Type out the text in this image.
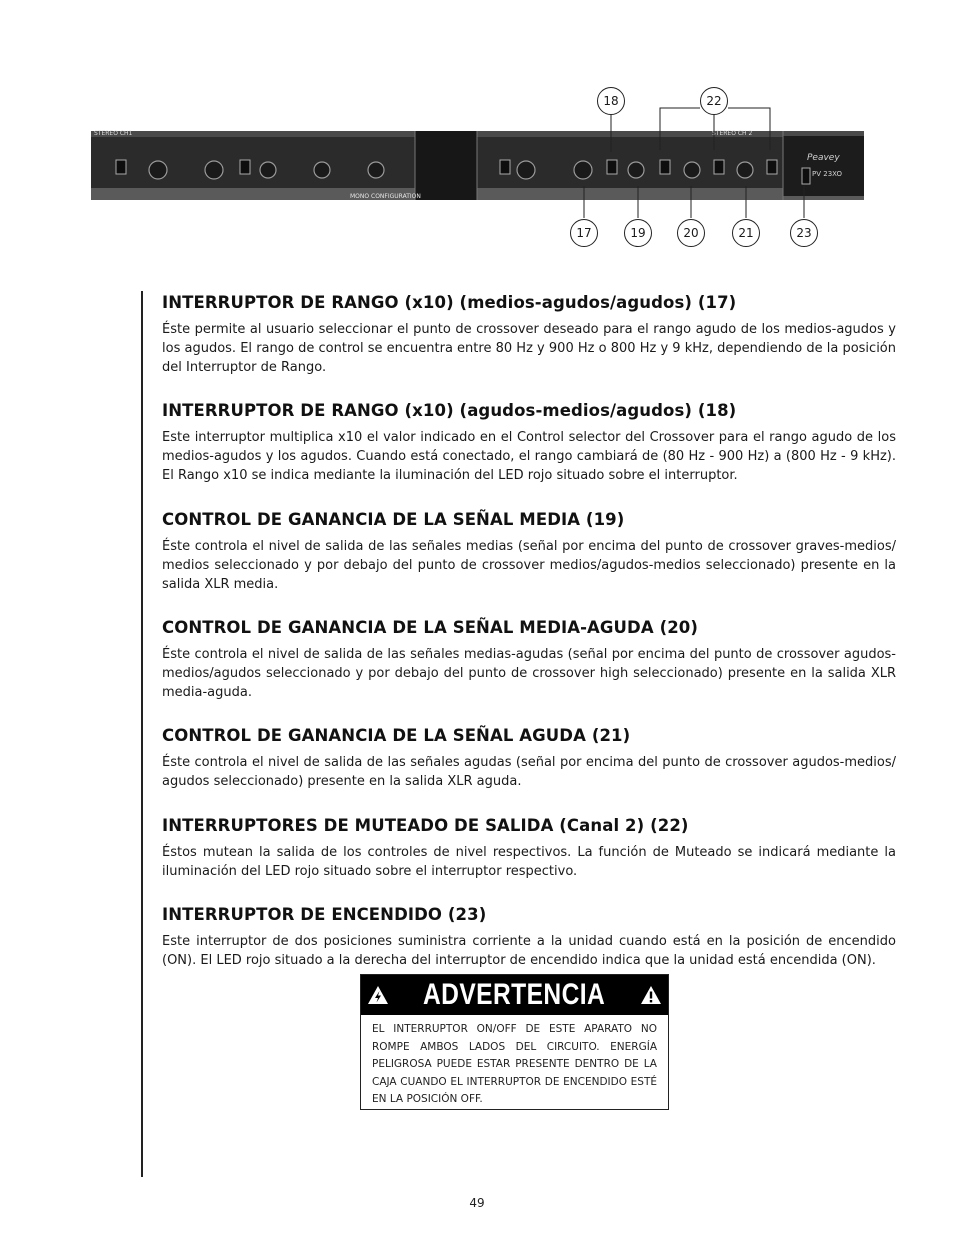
STEREO CH1	STEREO CH 2
MONO CONFIGURATION
Peavey
PV 23XO
18	22
17	19	20	21	23
INTERRUPTOR DE RANGO (x10) (medios-agudos/agudos) (17)

Éste permite al usuario seleccionar el punto de crossover deseado para el rango agudo de los medios-agudos y los agudos. El rango de control se encuentra entre 80 Hz y 900 Hz o 800 Hz y 9 kHz, dependiendo de la posición del Interruptor de Rango.

INTERRUPTOR DE RANGO (x10) (agudos-medios/agudos) (18)

Este interruptor multiplica x10 el valor indicado en el Control selector del Crossover para el rango agudo de los medios-agudos y los agudos. Cuando está conectado, el rango cambiará de (80 Hz - 900 Hz) a (800 Hz - 9 kHz). El Rango x10 se indica mediante la iluminación del LED rojo situado sobre el interruptor.

CONTROL DE GANANCIA DE LA SEÑAL MEDIA (19)

Éste controla el nivel de salida de las señales medias (señal por encima del punto de crossover graves-medios/ medios seleccionado y por debajo del punto de crossover medios/agudos-medios seleccionado) presente en la salida XLR media.

CONTROL DE GANANCIA DE LA SEÑAL MEDIA-AGUDA (20)

Éste controla el nivel de salida de las señales medias-agudas (señal por encima del punto de crossover agudos-medios/agudos seleccionado y por debajo del punto de crossover high seleccionado) presente en la salida XLR media-aguda.

CONTROL DE GANANCIA DE LA SEÑAL AGUDA (21)

Éste controla el nivel de salida de las señales agudas (señal por encima del punto de crossover agudos-medios/ agudos seleccionado) presente en la salida XLR aguda.

INTERRUPTORES DE MUTEADO DE SALIDA (Canal 2) (22)

Éstos mutean la salida de los controles de nivel respectivos. La función de Muteado se indicará mediante la iluminación del LED rojo situado sobre el interruptor respectivo.

INTERRUPTOR DE ENCENDIDO (23)

Este interruptor de dos posiciones suministra corriente a la unidad cuando está en la posición de encendido (ON). El LED rojo situado a la derecha del interruptor de encendido indica que la unidad está encendida (ON).

ADVERTENCIA
EL INTERRUPTOR ON/OFF DE ESTE APARATO NO ROMPE AMBOS LADOS DEL CIRCUITO. ENERGÍA PELIGROSA PUEDE ESTAR PRESENTE DENTRO DE LA CAJA CUANDO EL INTERRUPTOR DE ENCENDIDO ESTÉ EN LA POSICIÓN OFF.
49
